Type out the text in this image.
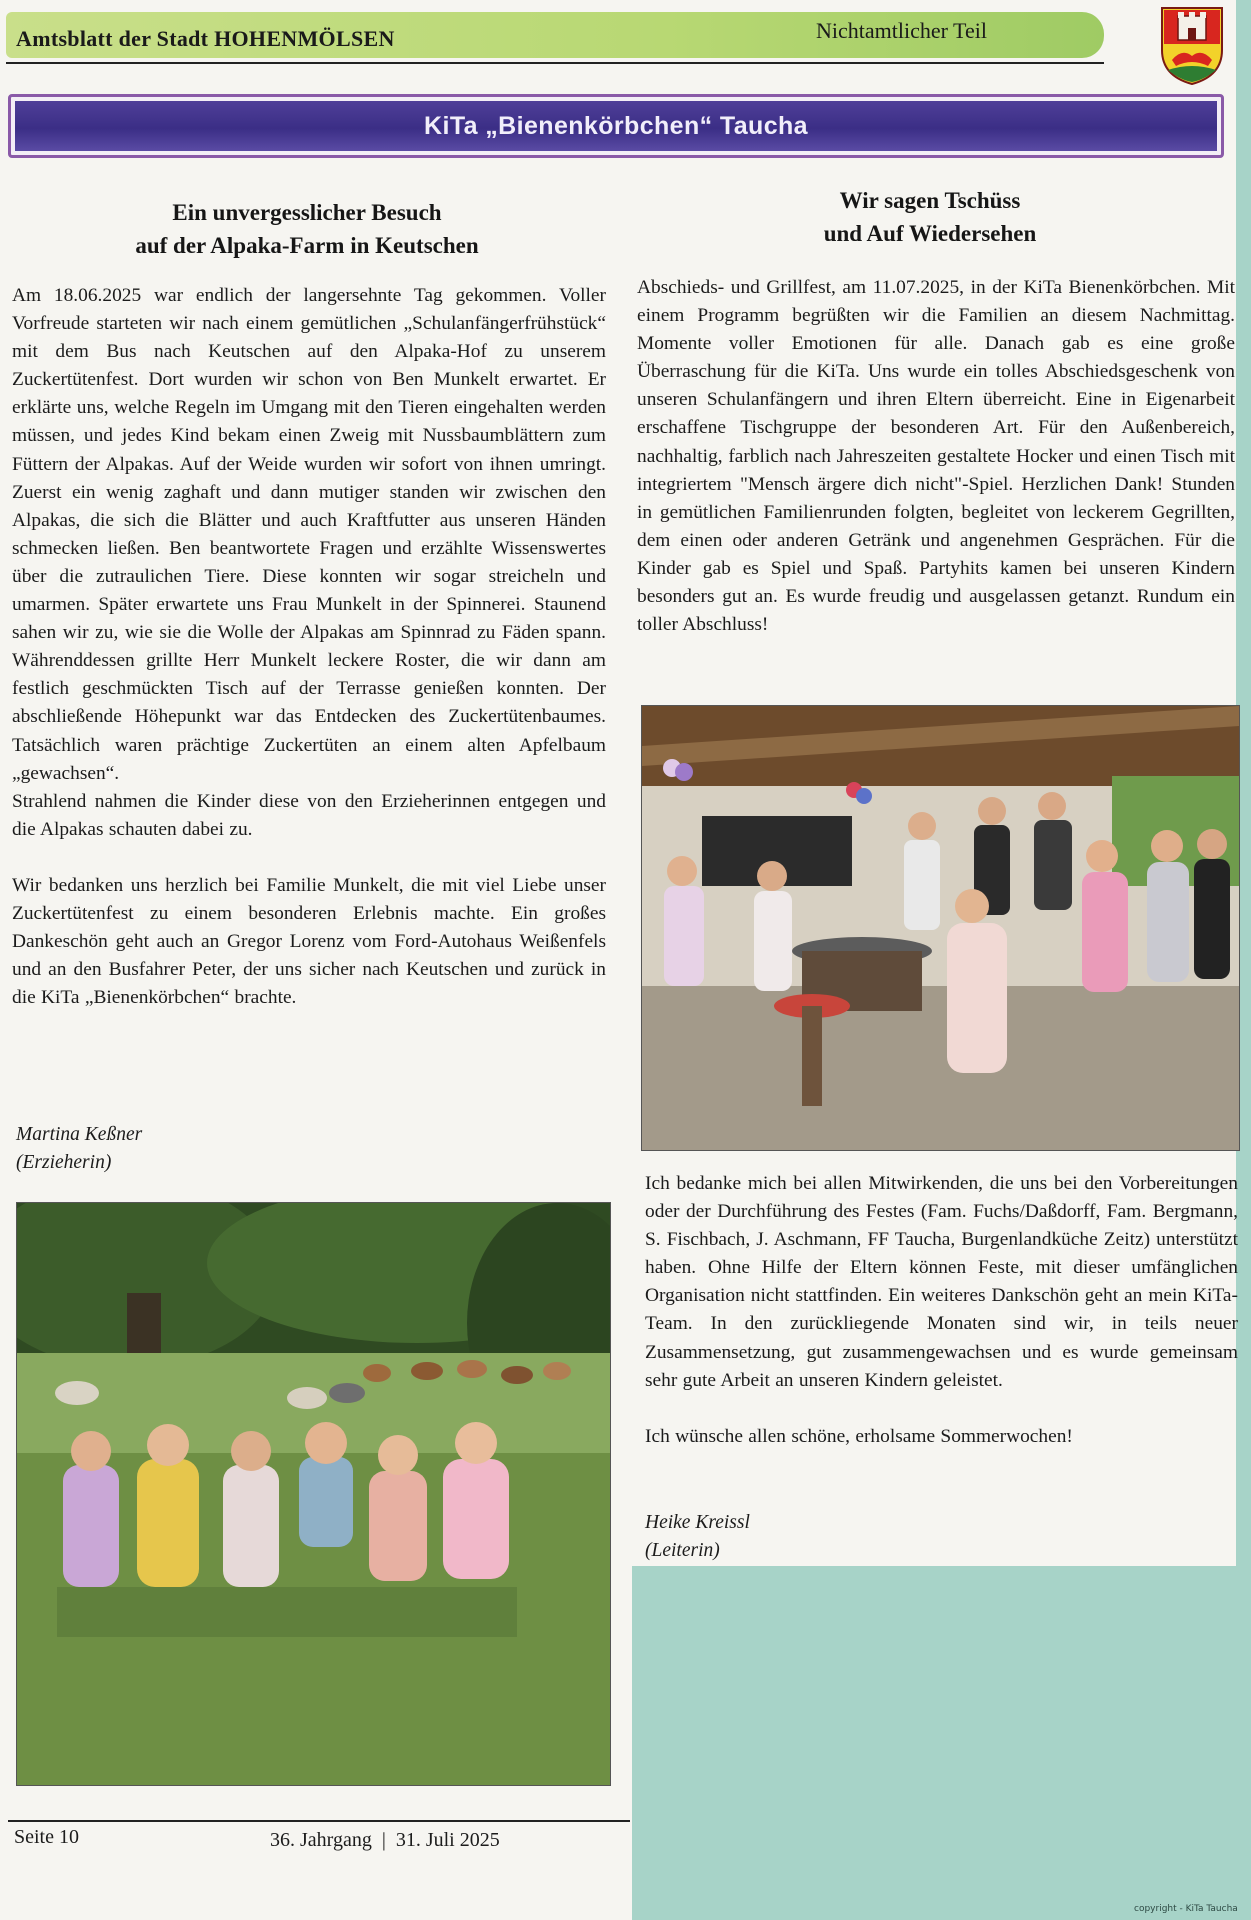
Amtsblatt der Stadt HOHENMÖLSEN	Nichtamtlicher Teil
KiTa „Bienenkörbchen“ Taucha
Ein unvergesslicher Besuch
auf der Alpaka-Farm in Keutschen

Am 18.06.2025 war endlich der langersehnte Tag gekommen. Voller Vorfreude starteten wir nach einem gemütlichen „Schulanfängerfrühstück“ mit dem Bus nach Keutschen auf den Alpaka-Hof zu unserem Zuckertütenfest. Dort wurden wir schon von Ben Munkelt erwartet. Er erklärte uns, welche Regeln im Umgang mit den Tieren eingehalten werden müssen, und jedes Kind bekam einen Zweig mit Nussbaumblättern zum Füttern der Alpakas. Auf der Weide wurden wir sofort von ihnen umringt. Zuerst ein wenig zaghaft und dann mutiger standen wir zwischen den Alpakas, die sich die Blätter und auch Kraftfutter aus unseren Händen schmecken ließen. Ben beantwortete Fragen und erzählte Wissenswertes über die zutraulichen Tiere. Diese konnten wir sogar streicheln und umarmen. Später erwartete uns Frau Munkelt in der Spinnerei. Staunend sahen wir zu, wie sie die Wolle der Alpakas am Spinnrad zu Fäden spann. Währenddessen grillte Herr Munkelt leckere Roster, die wir dann am festlich geschmückten Tisch auf der Terrasse genießen konnten. Der abschließende Höhepunkt war das Entdecken des Zuckertütenbaumes. Tatsächlich waren prächtige Zuckertüten an einem alten Apfelbaum „gewachsen“.

Strahlend nahmen die Kinder diese von den Erzieherinnen entgegen und die Alpakas schauten dabei zu.

Wir bedanken uns herzlich bei Familie Munkelt, die mit viel Liebe unser Zuckertütenfest zu einem besonderen Erlebnis machte. Ein großes Dankeschön geht auch an Gregor Lorenz vom Ford-Autohaus Weißenfels und an den Busfahrer Peter, der uns sicher nach Keutschen und zurück in die KiTa „Bienenkörbchen“ brachte.

Martina Keßner
(Erzieherin)
Wir sagen Tschüss
und Auf Wiedersehen

Abschieds- und Grillfest, am 11.07.2025, in der KiTa Bienenkörbchen. Mit einem Programm begrüßten wir die Familien an diesem Nachmittag. Momente voller Emotionen für alle. Danach gab es eine große Überraschung für die KiTa. Uns wurde ein tolles Abschiedsgeschenk von unseren Schulanfängern und ihren Eltern überreicht. Eine in Eigenarbeit erschaffene Tischgruppe der besonderen Art. Für den Außenbereich, nachhaltig, farblich nach Jahreszeiten gestaltete Hocker und einen Tisch mit integriertem "Mensch ärgere dich nicht"-Spiel. Herzlichen Dank! Stunden in gemütlichen Familienrunden folgten, begleitet von leckerem Gegrillten, dem einen oder anderen Getränk und angenehmen Gesprächen. Für die Kinder gab es Spiel und Spaß. Partyhits kamen bei unseren Kindern besonders gut an. Es wurde freudig und ausgelassen getanzt. Rundum ein toller Abschluss!

Ich bedanke mich bei allen Mitwirkenden, die uns bei den Vorbereitungen oder der Durchführung des Festes (Fam. Fuchs/Daßdorff, Fam. Bergmann, S. Fischbach, J. Aschmann, FF Taucha, Burgenlandküche Zeitz) unterstützt haben. Ohne Hilfe der Eltern können Feste, mit dieser umfänglichen Organisation nicht stattfinden. Ein weiteres Dankschön geht an mein KiTa-Team. In den zurückliegende Monaten sind wir, in teils neuer Zusammensetzung, gut zusammengewachsen und es wurde gemeinsam sehr gute Arbeit an unseren Kindern geleistet.

Ich wünsche allen schöne, erholsame Sommerwochen!

Heike Kreissl
(Leiterin)
Seite 10	36. Jahrgang  |  31. Juli 2025
copyright - KiTa Taucha
